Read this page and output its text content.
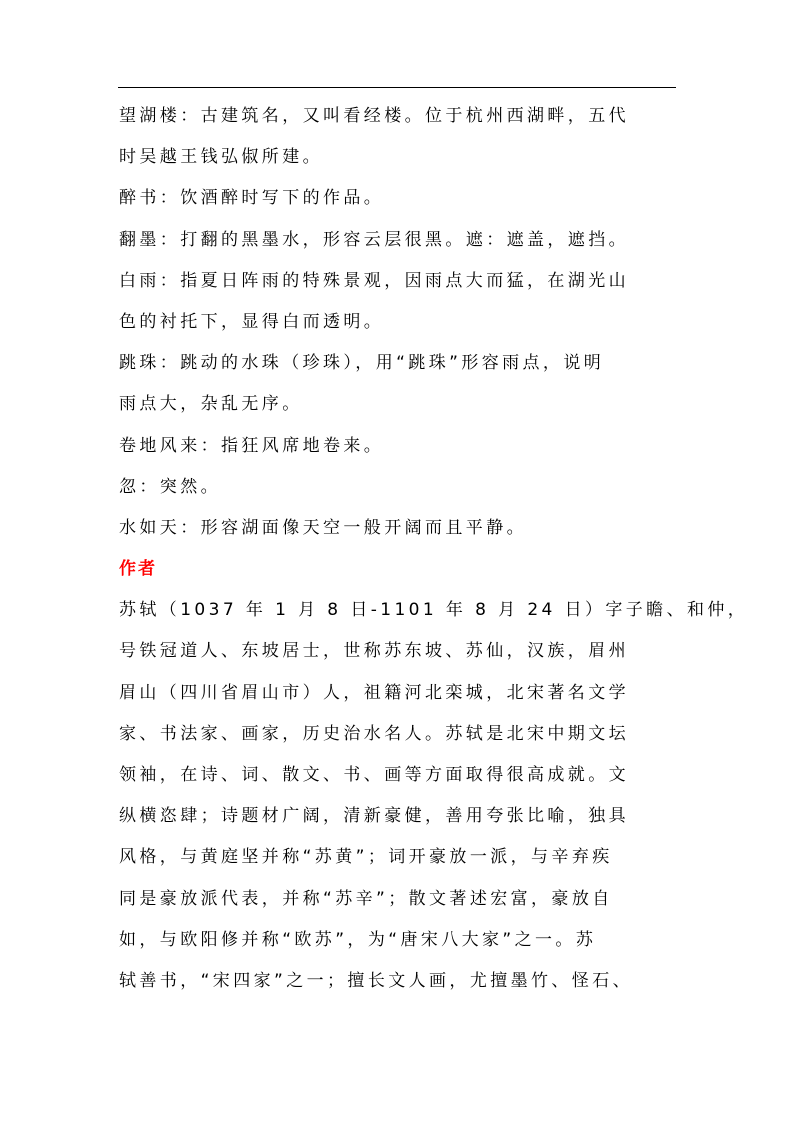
望湖楼：古建筑名，又叫看经楼。位于杭州西湖畔，五代
时吴越王钱弘俶所建。
醉书：饮酒醉时写下的作品。
翻墨：打翻的黑墨水，形容云层很黑。遮：遮盖，遮挡。
白雨：指夏日阵雨的特殊景观，因雨点大而猛，在湖光山
色的衬托下，显得白而透明。
跳珠：跳动的水珠（珍珠），用“跳珠”形容雨点，说明
雨点大，杂乱无序。
卷地风来：指狂风席地卷来。
忽：突然。
水如天：形容湖面像天空一般开阔而且平静。
作者
苏轼（1037 年 1 月 8 日-1101 年 8 月 24 日）字子瞻、和仲，
号铁冠道人、东坡居士，世称苏东坡、苏仙，汉族，眉州
眉山（四川省眉山市）人，祖籍河北栾城，北宋著名文学
家、书法家、画家，历史治水名人。苏轼是北宋中期文坛
领袖，在诗、词、散文、书、画等方面取得很高成就。文
纵横恣肆；诗题材广阔，清新豪健，善用夸张比喻，独具
风格，与黄庭坚并称“苏黄”；词开豪放一派，与辛弃疾
同是豪放派代表，并称“苏辛”；散文著述宏富，豪放自
如，与欧阳修并称“欧苏”，为“唐宋八大家”之一。苏
轼善书，“宋四家”之一；擅长文人画，尤擅墨竹、怪石、
